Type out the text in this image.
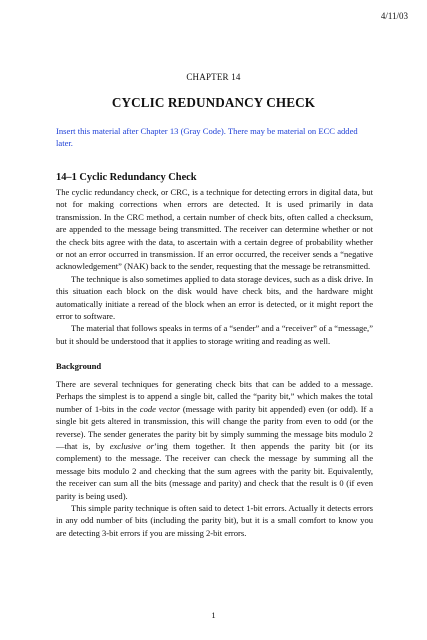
4/11/03
CHAPTER 14
CYCLIC REDUNDANCY CHECK
Insert this material after Chapter 13 (Gray Code). There may be material on ECC added later.
14–1 Cyclic Redundancy Check

The cyclic redundancy check, or CRC, is a technique for detecting errors in digital data, but not for making corrections when errors are detected. It is used primarily in data transmission. In the CRC method, a certain number of check bits, often called a checksum, are appended to the message being transmitted. The receiver can determine whether or not the check bits agree with the data, to ascertain with a certain degree of probability whether or not an error occurred in transmission. If an error occurred, the receiver sends a “negative acknowledgement” (NAK) back to the sender, requesting that the message be retransmitted.

The technique is also sometimes applied to data storage devices, such as a disk drive. In this situation each block on the disk would have check bits, and the hardware might automatically initiate a reread of the block when an error is detected, or it might report the error to software.

The material that follows speaks in terms of a “sender” and a “receiver” of a “message,” but it should be understood that it applies to storage writing and reading as well.

Background

There are several techniques for generating check bits that can be added to a message. Perhaps the simplest is to append a single bit, called the “parity bit,” which makes the total number of 1-bits in the code vector (message with parity bit appended) even (or odd). If a single bit gets altered in transmission, this will change the parity from even to odd (or the reverse). The sender generates the parity bit by simply summing the message bits modulo 2—that is, by exclusive or’ing them together. It then appends the parity bit (or its complement) to the message. The receiver can check the message by summing all the message bits modulo 2 and checking that the sum agrees with the parity bit. Equivalently, the receiver can sum all the bits (message and parity) and check that the result is 0 (if even parity is being used).

This simple parity technique is often said to detect 1-bit errors. Actually it detects errors in any odd number of bits (including the parity bit), but it is a small comfort to know you are detecting 3-bit errors if you are missing 2-bit errors.

1
